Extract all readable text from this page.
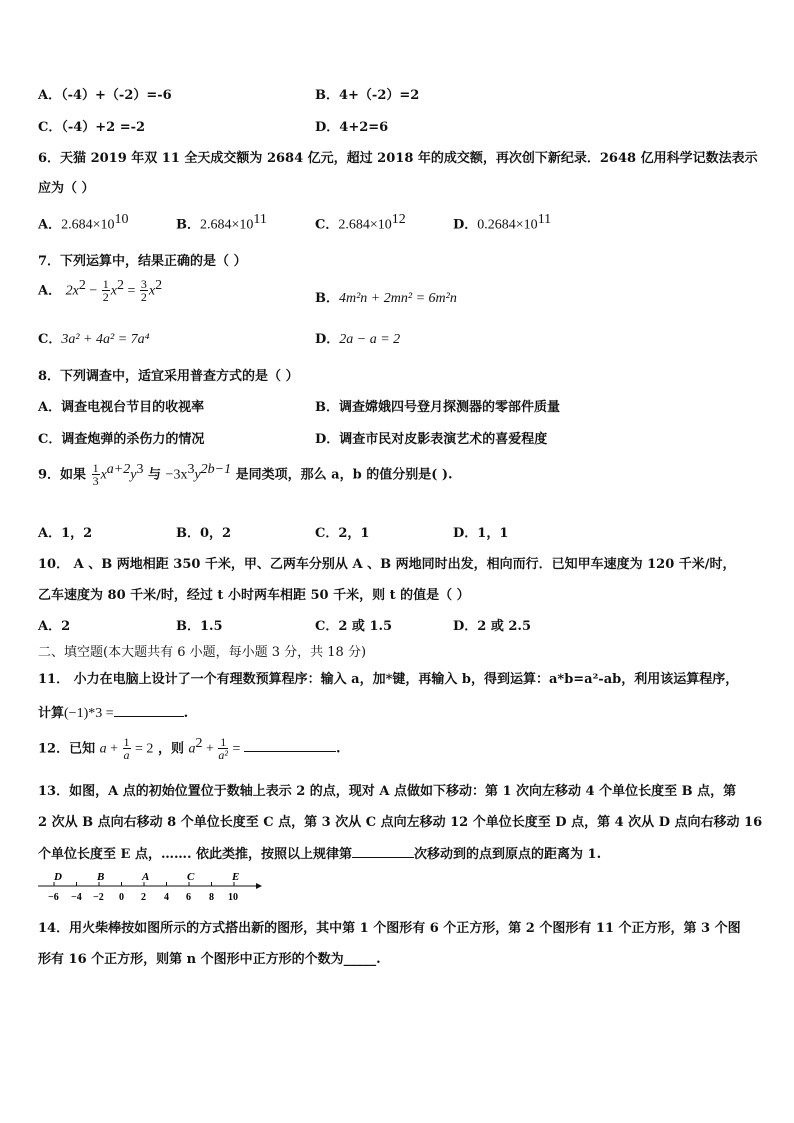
A．（-4）+（-2）=-6	B．4+（-2）=2
C．（-4）+2 =-2	D．4+2=6
6．天猫 2019 年双 11 全天成交额为 2684 亿元，超过 2018 年的成交额，再次创下新纪录．2648 亿用科学记数法表示
应为（ ）
A．$2.684\times 10^{10}$	B．$2.684\times 10^{11}$	C．$2.684\times 10^{12}$	D．$0.2684\times 10^{11}$
7．下列运算中，结果正确的是（ ）
A． $2x^2 - \frac{1}{2} x^2 = \frac{3}{2} x^2$
B．4m²n + 2mn² = 6m²n
C．3a² + 4a² = 7a⁴	D．2a − a = 2
8．下列调查中，适宜采用普查方式的是（ ）
A．调查电视台节目的收视率	B．调查嫦娥四号登月探测器的零部件质量
C．调查炮弹的杀伤力的情况	D．调查市民对皮影表演艺术的喜爱程度
9．如果 $\frac{1}{3} x^{a+2}y^3$ 与 $-3x^3y^{2b-1}$ 是同类项，那么 a，b 的值分别是( ).
A．1，2	B．0，2	C．2，1	D．1，1
10． A 、B 两地相距 350 千米，甲、乙两车分别从 A 、B 两地同时出发，相向而行．已知甲车速度为 120 千米/时，
乙车速度为 80 千米/时，经过 t 小时两车相距 50 千米，则 t 的值是（ ）
A．2	B．1.5	C．2 或 1.5	D．2 或 2.5
二、填空题(本大题共有 6 小题，每小题 3 分，共 18 分)
11． 小力在电脑上设计了一个有理数预算程序：输入 a，加*键，再输入 b，得到运算：a*b=a²-ab，利用该运算程序，
计算(−1)*3 =	.
12．已知 $a + \frac{1}{a} = 2$ ，则 $a^2 + \frac{1}{\text{a²}}$ =	.
13．如图，A 点的初始位置位于数轴上表示 2 的点，现对 A 点做如下移动：第 1 次向左移动 4 个单位长度至 B 点，第
2 次从 B 点向右移动 8 个单位长度至 C 点，第 3 次从 C 点向左移动 12 个单位长度至 D 点，第 4 次从 D 点向右移动 16
个单位长度至 E 点，……. 依此类推，按照以上规律第	次移动到的点到原点的距离为 1.
D	B	A	C	E
−6 −4 −2 0 2 4 6 8 10
14．用火柴棒按如图所示的方式搭出新的图形，其中第 1 个图形有 6 个正方形，第 2 个图形有 11 个正方形，第 3 个图
形有 16 个正方形，则第 n 个图形中正方形的个数为_____.
